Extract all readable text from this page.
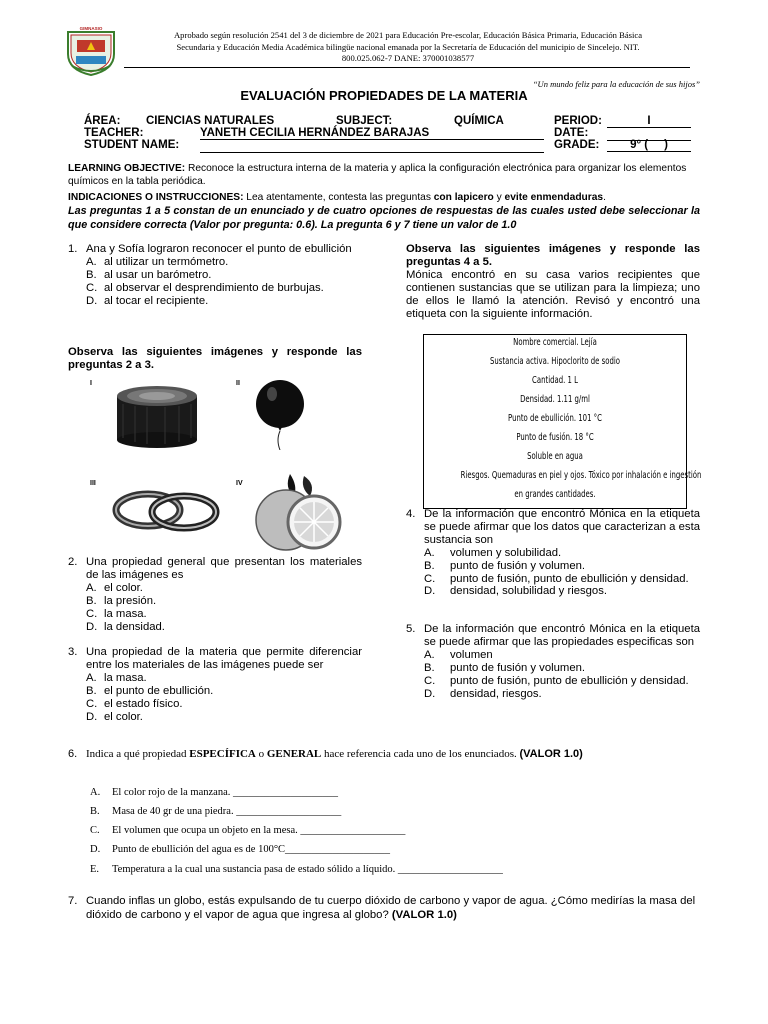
GIMNASIO
Aprobado según resolución 2541 del 3 de diciembre de 2021 para Educación Pre-escolar, Educación Básica Primaria, Educación Básica
Secundaria y Educación Media Académica bilingüe nacional emanada por la Secretaría de Educación del municipio de Sincelejo. NIT.
800.025.062-7 DANE: 370001038577
“Un mundo feliz para la educación de sus hijos”
EVALUACIÓN PROPIEDADES DE LA MATERIA
ÁREA: CIENCIAS NATURALES	SUBJECT:	QUÍMICA	PERIOD:	I
TEACHER:	YANETH CECILIA HERNÁNDEZ BARAJAS	DATE:
STUDENT NAME:	GRADE:	9° (     )
LEARNING OBJECTIVE: Reconoce la estructura interna de la materia y aplica la configuración electrónica para organizar los elementos químicos en la tabla periódica.
INDICACIONES O INSTRUCCIONES: Lea atentamente, contesta las preguntas con lapicero y evite enmendaduras.
Las preguntas 1 a 5 constan de un enunciado y de cuatro opciones de respuestas de las cuales usted debe seleccionar la que considere correcta (Valor por pregunta: 0.6). La pregunta 6 y 7 tiene un valor de 1.0
1. Ana y Sofía lograron reconocer el punto de ebullición
A. al utilizar un termómetro.
B. al usar un barómetro.
C. al observar el desprendimiento de burbujas.
D. al tocar el recipiente.
Observa las siguientes imágenes y responde las preguntas 2 a 3.
I	II
III	IV
2. Una propiedad general que presentan los materiales de las imágenes es
A. el color.
B. la presión.
C. la masa.
D. la densidad.
3. Una propiedad de la materia que permite diferenciar entre los materiales de las imágenes puede ser
A. la masa.
B. el punto de ebullición.
C. el estado físico.
D. el color.
Observa las siguientes imágenes y responde las preguntas 4 a 5.
Mónica encontró en su casa varios recipientes que contienen sustancias que se utilizan para la limpieza; uno de ellos le llamó la atención. Revisó y encontró una etiqueta con la siguiente información.
Nombre comercial. Lejía
Sustancia activa. Hipoclorito de sodio
Cantidad. 1 L
Densidad. 1.11 g/ml
Punto de ebullición. 101 °C
Punto de fusión. 18 °C
Soluble en agua
Riesgos. Quemaduras en piel y ojos. Tóxico por inhalación e ingestión
en grandes cantidades.
4. De la información que encontró Mónica en la etiqueta se puede afirmar que los datos que caracterizan a esta sustancia son
A.	volumen y solubilidad.
B.	punto de fusión y volumen.
C.	punto de fusión, punto de ebullición y densidad.
D.	densidad, solubilidad y riesgos.
5. De la información que encontró Mónica en la etiqueta se puede afirmar que las propiedades especificas son
A.	volumen
B.	punto de fusión y volumen.
C.	punto de fusión, punto de ebullición y densidad.
D.	densidad, riesgos.
6. Indica a qué propiedad ESPECÍFICA o GENERAL hace referencia cada uno de los enunciados. (VALOR 1.0)
A. El color rojo de la manzana. ____________________
B. Masa de 40 gr de una piedra. ____________________
C. El volumen que ocupa un objeto en la mesa. ____________________
D. Punto de ebullición del agua es de 100°C____________________
E. Temperatura a la cual una sustancia pasa de estado sólido a líquido. ____________________
7. Cuando inflas un globo, estás expulsando de tu cuerpo dióxido de carbono y vapor de agua. ¿Cómo medirías la masa del dióxido de carbono y el vapor de agua que ingresa al globo? (VALOR 1.0)
